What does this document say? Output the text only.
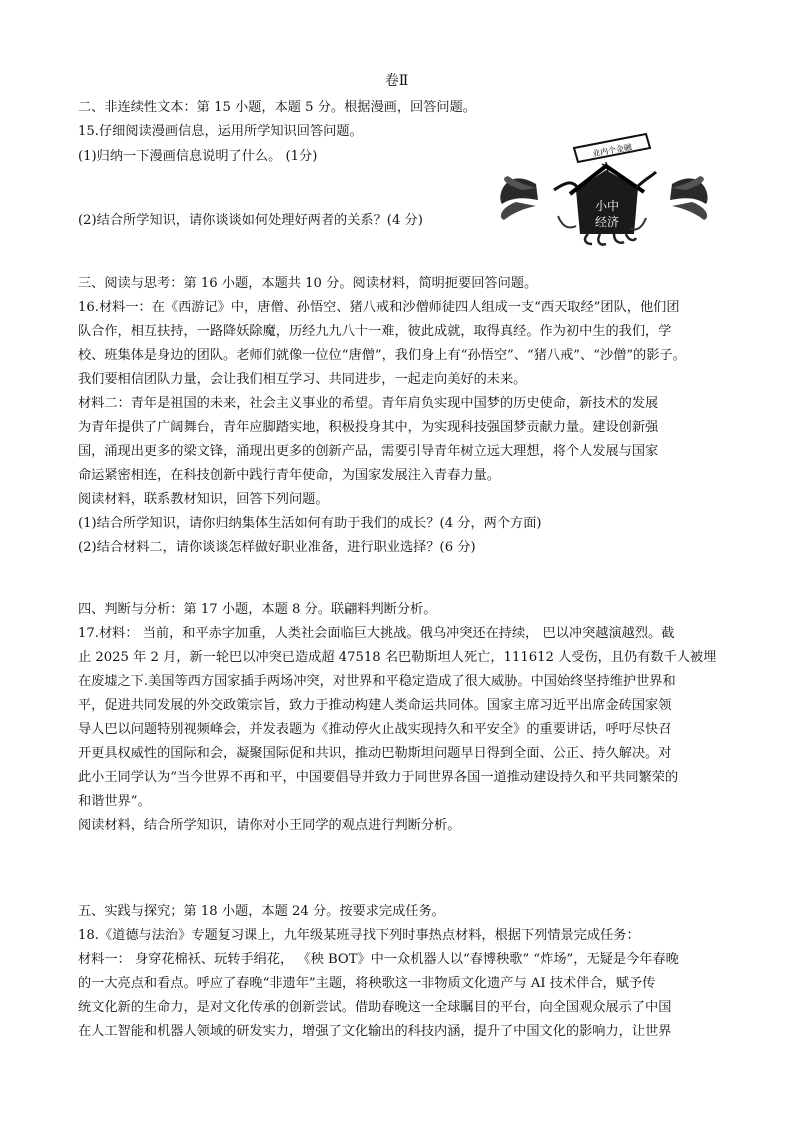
卷Ⅱ
二、非连续性文本：第 15 小题，本题 5 分。根据漫画，回答问题。
15.仔细阅读漫画信息，运用所学知识回答问题。
(1)归纳一下漫画信息说明了什么。 (1分)
(2)结合所学知识，请你谈谈如何处理好两者的关系？(4 分)
业内个金融
小中
经济
三、阅读与思考：第 16 小题，本题共 10 分。阅读材料，简明扼要回答问题。
16.材料一：在《西游记》中，唐僧、孙悟空、猪八戒和沙僧师徒四人组成一支“西天取经”团队，他们团
队合作，相互扶持，一路降妖除魔，历经九九八十一难，彼此成就，取得真经。作为初中生的我们，学
校、班集体是身边的团队。老师们就像一位位“唐僧”，我们身上有“孙悟空”、“猪八戒”、“沙僧”的影子。
我们要相信团队力量，会让我们相互学习、共同进步，一起走向美好的未来。
材料二：青年是祖国的未来，社会主义事业的希望。青年肩负实现中国梦的历史使命，新技术的发展
为青年提供了广阔舞台，青年应脚踏实地，积极投身其中，为实现科技强国梦贡献力量。建设创新强
国，涌现出更多的梁文锋，涌现出更多的创新产品，需要引导青年树立远大理想，将个人发展与国家
命运紧密相连，在科技创新中践行青年使命，为国家发展注入青春力量。
阅读材料，联系教材知识，回答下列问题。
(1)结合所学知识，请你归纳集体生活如何有助于我们的成长？(4 分，两个方面)
(2)结合材料二，请你谈谈怎样做好职业准备，进行职业选择？(6 分)
四、判断与分析：第 17 小题，本题 8 分。联翩料判断分析。
17.材料： 当前，和平赤字加重，人类社会面临巨大挑战。俄乌冲突还在持续， 巴以冲突越演越烈。截
止 2025 年 2 月，新一轮巴以冲突已造成超 47518 名巴勒斯坦人死亡，111612 人受伤，且仍有数千人被埋
在废墟之下.美国等西方国家插手两场冲突，对世界和平稳定造成了很大威胁。中国始终坚持维护世界和
平，促进共同发展的外交政策宗旨，致力于推动构建人类命运共同体。国家主席习近平出席金砖国家领
导人巴以问题特别视频峰会，并发表题为《推动停火止战实现持久和平安全》的重要讲话，呼吁尽快召
开更具权威性的国际和会，凝聚国际促和共识，推动巴勒斯坦问题早日得到全面、公正、持久解决。对
此小王同学认为“当今世界不再和平，中国要倡导并致力于同世界各国一道推动建设持久和平共同繁荣的
和谐世界”。
阅读材料，结合所学知识，请你对小王同学的观点进行判断分析。
五、实践与探究；第 18 小题，本题 24 分。按要求完成任务。
18.《道德与法治》专题复习课上，九年级某班寻找下列时事热点材料，根据下列情景完成任务：
材料一： 身穿花棉袄、玩转手绢花， 《秧 BOT》中一众机器人以“春博秧歌” “炸场”，无疑是今年春晚
的一大亮点和看点。呼应了春晚“非遗年”主题，将秧歌这一非物质文化遗产与 AI 技术伴合，赋予传
统文化新的生命力，是对文化传承的创新尝试。借助春晚这一全球瞩目的平台，向全国观众展示了中国
在人工智能和机器人领域的研发实力，增强了文化输出的科技内涵，提升了中国文化的影响力，让世界
